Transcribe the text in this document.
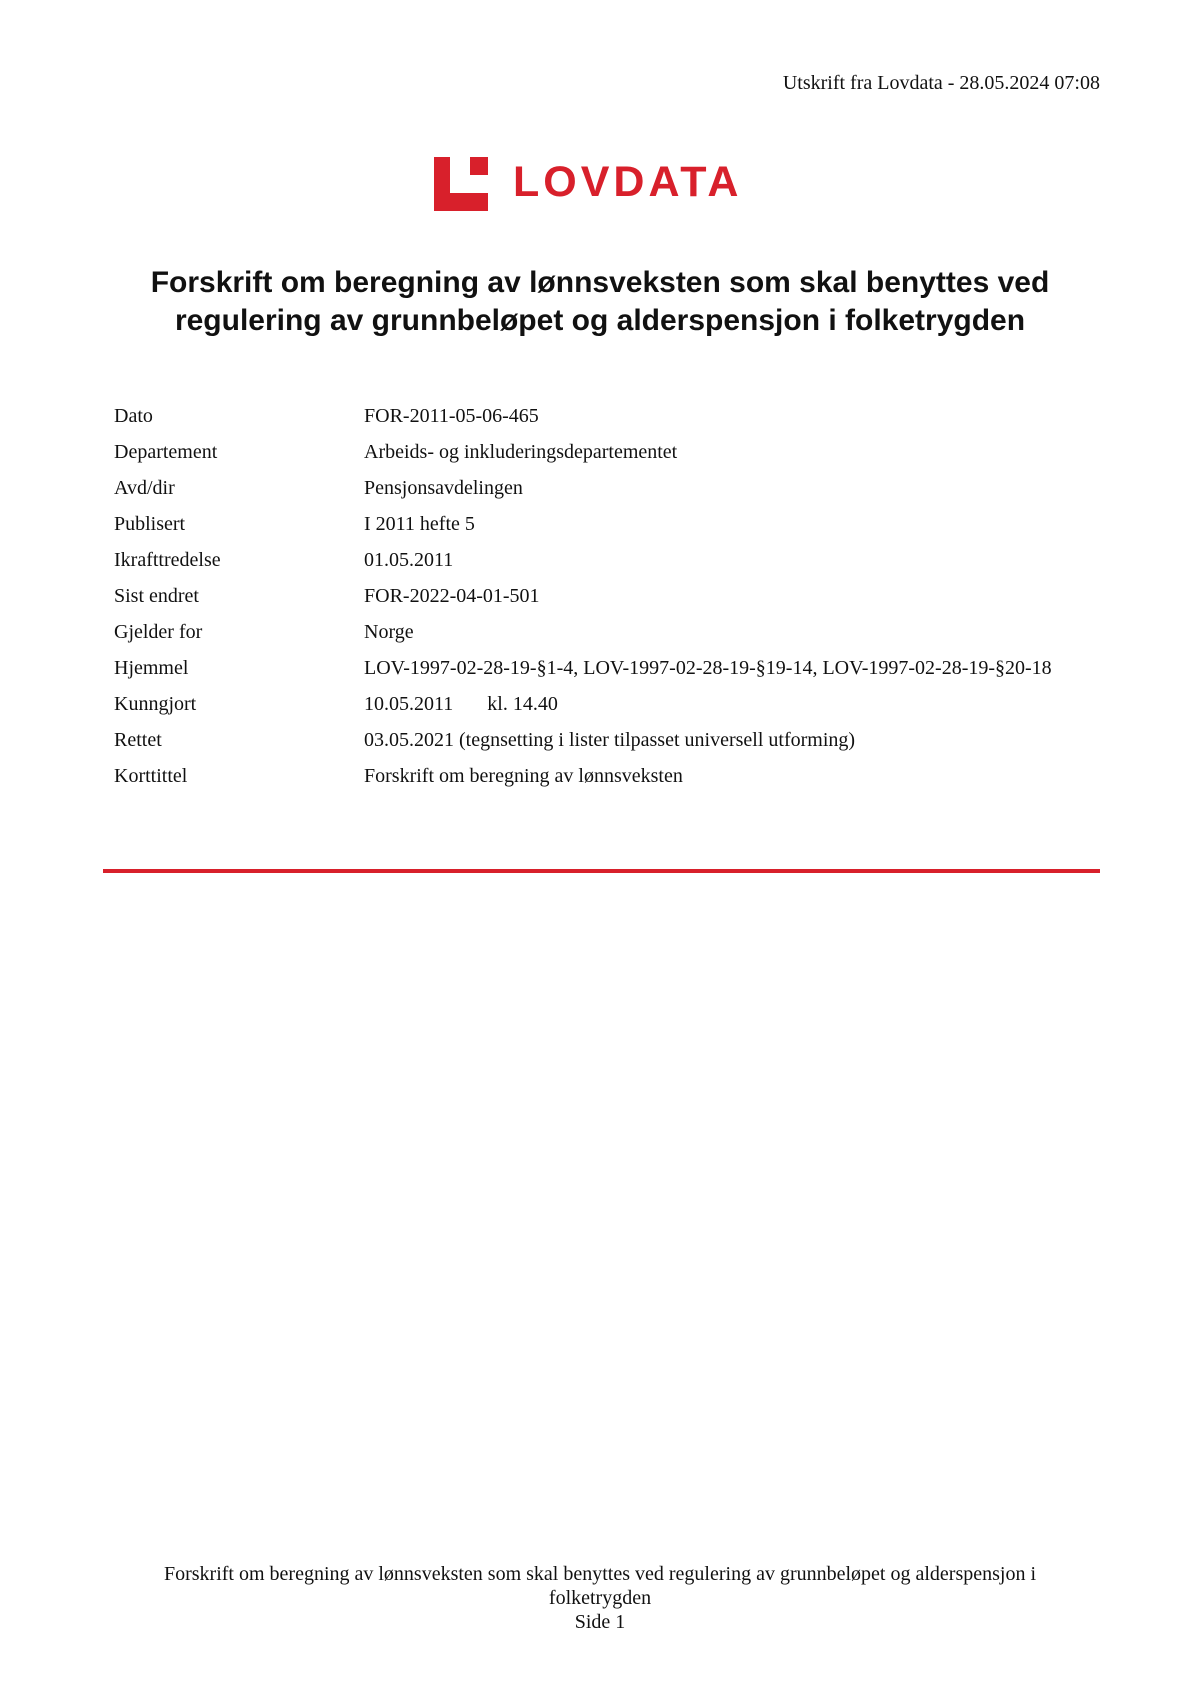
Utskrift fra Lovdata - 28.05.2024 07:08
LOVDATA
Forskrift om beregning av lønnsveksten som skal benyttes ved regulering av grunnbeløpet og alderspensjon i folketrygden
Dato	FOR-2011-05-06-465
Departement	Arbeids- og inkluderingsdepartementet
Avd/dir	Pensjonsavdelingen
Publisert	I 2011 hefte 5
Ikrafttredelse	01.05.2011
Sist endret	FOR-2022-04-01-501
Gjelder for	Norge
Hjemmel	LOV-1997-02-28-19-§1-4, LOV-1997-02-28-19-§19-14, LOV-1997-02-28-19-§20-18
Kunngjort	10.05.2011 kl. 14.40
Rettet	03.05.2021 (tegnsetting i lister tilpasset universell utforming)
Korttittel	Forskrift om beregning av lønnsveksten
Forskrift om beregning av lønnsveksten som skal benyttes ved regulering av grunnbeløpet og alderspensjon i
folketrygden
Side 1
